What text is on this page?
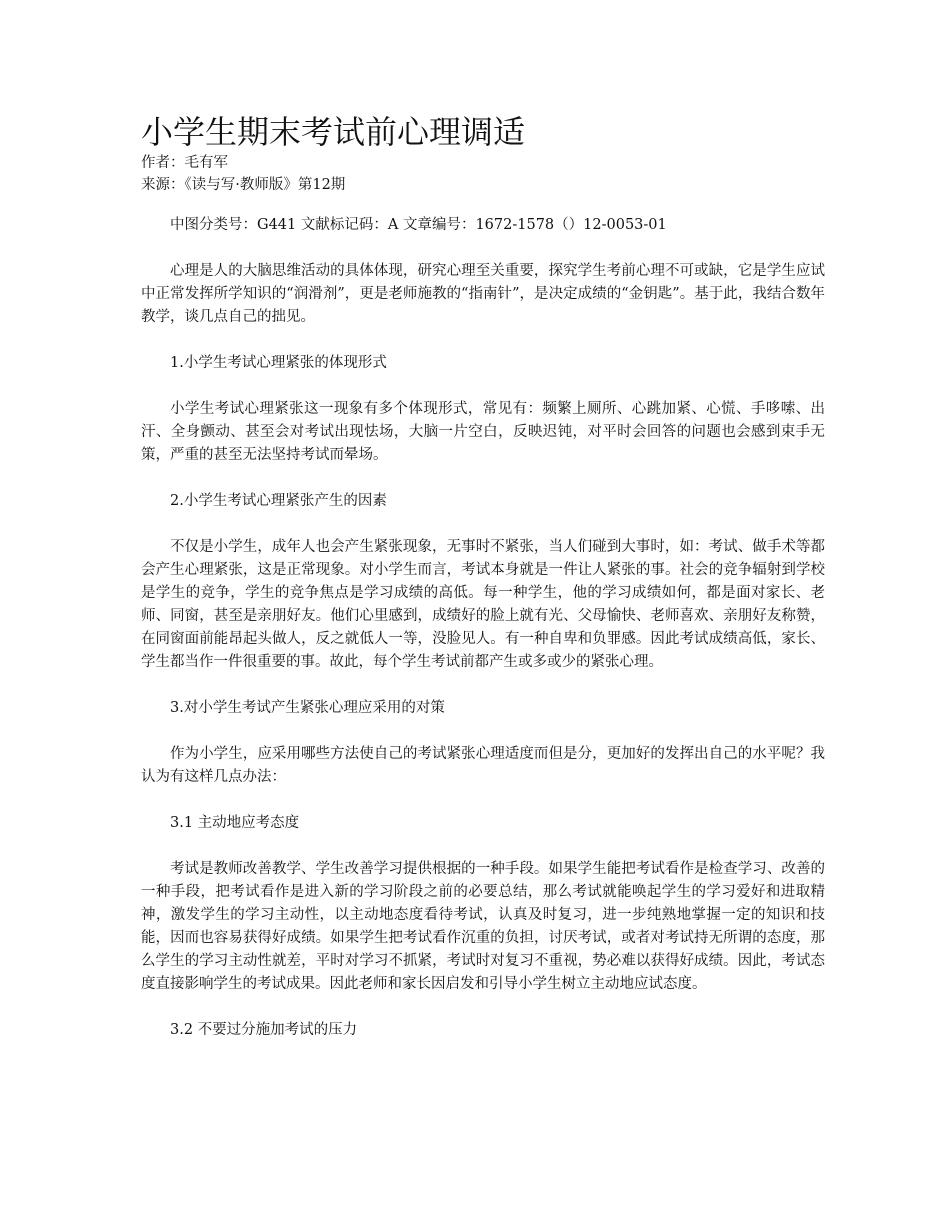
小学生期末考试前心理调适

作者：毛有军

来源：《读与写·教师版》第12期

中图分类号：G441 文献标记码：A 文章编号：1672-1578（）12-0053-01

心理是人的大脑思维活动的具体体现，研究心理至关重要，探究学生考前心理不可或缺，它是学生应试中正常发挥所学知识的“润滑剂”，更是老师施教的“指南针”，是决定成绩的“金钥匙”。基于此，我结合数年教学，谈几点自己的拙见。

1.小学生考试心理紧张的体现形式

小学生考试心理紧张这一现象有多个体现形式，常见有：频繁上厕所、心跳加紧、心慌、手哆嗦、出汗、全身颤动、甚至会对考试出现怯场，大脑一片空白，反映迟钝，对平时会回答的问题也会感到束手无策，严重的甚至无法坚持考试而晕场。

2.小学生考试心理紧张产生的因素

不仅是小学生，成年人也会产生紧张现象，无事时不紧张，当人们碰到大事时，如：考试、做手术等都会产生心理紧张，这是正常现象。对小学生而言，考试本身就是一件让人紧张的事。社会的竞争辐射到学校是学生的竞争，学生的竞争焦点是学习成绩的高低。每一种学生，他的学习成绩如何，都是面对家长、老师、同窗，甚至是亲朋好友。他们心里感到，成绩好的脸上就有光、父母愉快、老师喜欢、亲朋好友称赞，在同窗面前能昂起头做人，反之就低人一等，没脸见人。有一种自卑和负罪感。因此考试成绩高低，家长、学生都当作一件很重要的事。故此，每个学生考试前都产生或多或少的紧张心理。

3.对小学生考试产生紧张心理应采用的对策

作为小学生，应采用哪些方法使自己的考试紧张心理适度而但是分，更加好的发挥出自己的水平呢？我认为有这样几点办法：

3.1 主动地应考态度

考试是教师改善教学、学生改善学习提供根据的一种手段。如果学生能把考试看作是检查学习、改善的一种手段，把考试看作是进入新的学习阶段之前的必要总结，那么考试就能唤起学生的学习爱好和进取精神，激发学生的学习主动性，以主动地态度看待考试，认真及时复习，进一步纯熟地掌握一定的知识和技能，因而也容易获得好成绩。如果学生把考试看作沉重的负担，讨厌考试，或者对考试持无所谓的态度，那么学生的学习主动性就差，平时对学习不抓紧，考试时对复习不重视，势必难以获得好成绩。因此，考试态度直接影响学生的考试成果。因此老师和家长因启发和引导小学生树立主动地应试态度。

3.2 不要过分施加考试的压力
